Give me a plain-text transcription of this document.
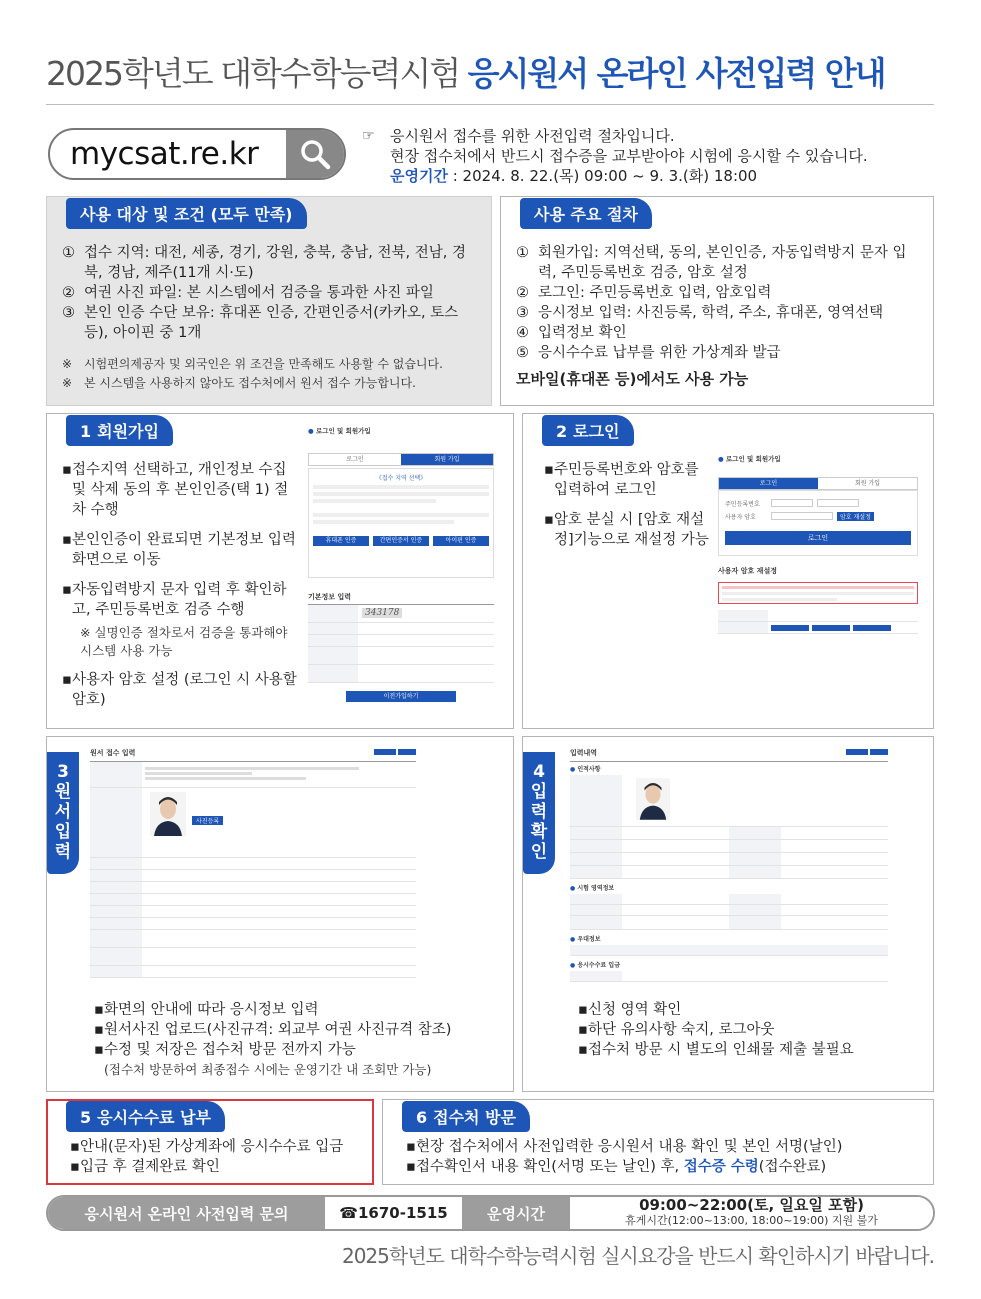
2025학년도 대학수학능력시험 응시원서 온라인 사전입력 안내
mycsat.re.kr	☞	응시원서 접수를 위한 사전입력 절차입니다.
현장 접수처에서 반드시 접수증을 교부받아야 시험에 응시할 수 있습니다.
운영기간 : 2024. 8. 22.(목) 09:00 ~ 9. 3.(화) 18:00
사용 대상 및 조건 (모두 만족)
① 접수 지역: 대전, 세종, 경기, 강원, 충북, 충남, 전북, 전남, 경북, 경남, 제주(11개 시·도)
② 여권 사진 파일: 본 시스템에서 검증을 통과한 사진 파일
③ 본인 인증 수단 보유: 휴대폰 인증, 간편인증서(카카오, 토스 등), 아이핀 중 1개
※ 시험편의제공자 및 외국인은 위 조건을 만족해도 사용할 수 없습니다.
※ 본 시스템을 사용하지 않아도 접수처에서 원서 접수 가능합니다.
사용 주요 절차
① 회원가입: 지역선택, 동의, 본인인증, 자동입력방지 문자 입력, 주민등록번호 검증, 암호 설정
② 로그인: 주민등록번호 입력, 암호입력
③ 응시정보 입력: 사진등록, 학력, 주소, 휴대폰, 영역선택
④ 입력정보 확인
⑤ 응시수수료 납부를 위한 가상계좌 발급
모바일(휴대폰 등)에서도 사용 가능
1 회원가입
▪ 접수지역 선택하고, 개인정보 수집 및 삭제 동의 후 본인인증(택 1) 절차 수행
▪ 본인인증이 완료되면 기본정보 입력 화면으로 이동
▪ 자동입력방지 문자 입력 후 확인하고, 주민등록번호 검증 수행
※ 실명인증 절차로서 검증을 통과해야 시스템 사용 가능
▪ 사용자 암호 설정 (로그인 시 사용할 암호)
● 로그인 및 회원가입
로그인	회원 가입
《접수 지역 선택》
휴대폰 인증	간편인증서 인증	아이핀 인증
기본정보 입력
343178
이전가입하기
2 로그인
▪ 주민등록번호와 암호를 입력하여 로그인
▪ 암호 분실 시 [암호 재설정]기능으로 재설정 가능
● 로그인 및 회원가입
로그인	회원 가입
주민등록번호
사용자 암호	암호 재설정
로그인
사용자 암호 재설정
3
원
서
입
력
원서 접수 입력

사진등록
▪ 화면의 안내에 따라 응시정보 입력
▪ 원서사진 업로드(사진규격: 외교부 여권 사진규격 참조)
▪ 수정 및 저장은 접수처 방문 전까지 가능
(접수처 방문하여 최종접수 시에는 운영기간 내 조회만 가능)
4
입
력
확
인
입력내역

● 인적사항
● 시험 영역정보
● 우대정보
● 응시수수료 입금
▪ 신청 영역 확인
▪ 하단 유의사항 숙지, 로그아웃
▪ 접수처 방문 시 별도의 인쇄물 제출 불필요
5 응시수수료 납부
▪ 안내(문자)된 가상계좌에 응시수수료 입금
▪ 입금 후 결제완료 확인
6 접수처 방문
▪ 현장 접수처에서 사전입력한 응시원서 내용 확인 및 본인 서명(날인)
▪ 접수확인서 내용 확인(서명 또는 날인) 후, 접수증 수령(접수완료)
응시원서 온라인 사전입력 문의	☎1670-1515	운영시간	09:00~22:00(토, 일요일 포함)
휴게시간(12:00~13:00, 18:00~19:00) 지원 불가
2025학년도 대학수학능력시험 실시요강을 반드시 확인하시기 바랍니다.
